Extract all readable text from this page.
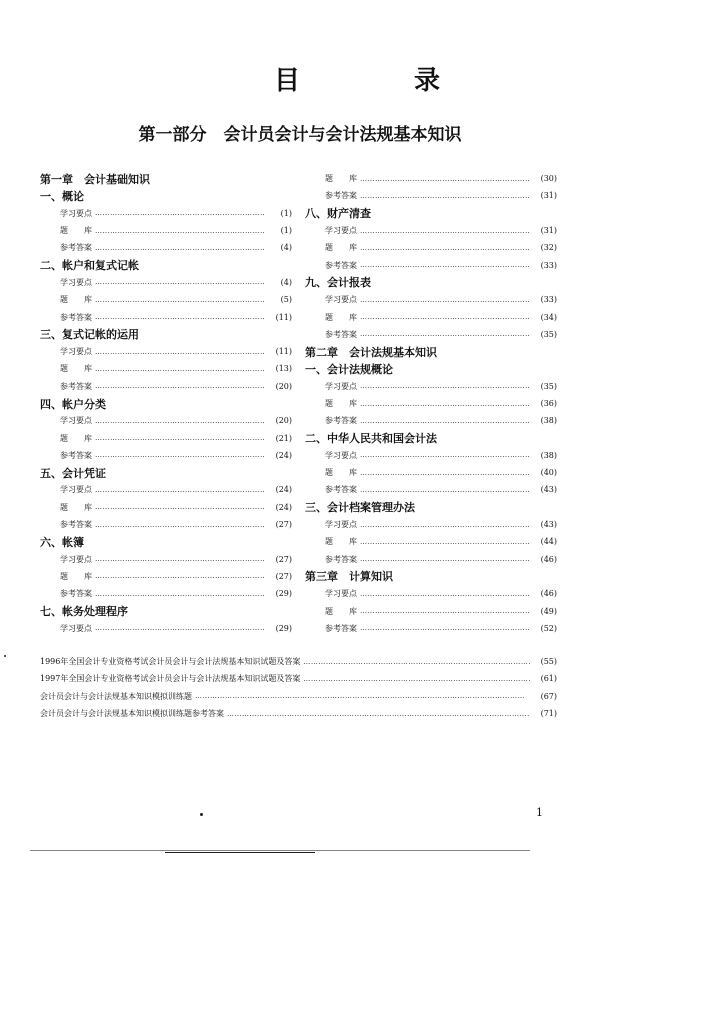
目　录
第一部分　会计员会计与会计法规基本知识
第一章　会计基础知识
一、概论
学习要点 ……………………………………………………………………………………………………………………	(1)
题　　库 ……………………………………………………………………………………………………………………	(1)
参考答案 ……………………………………………………………………………………………………………………	(4)
二、帐户和复式记帐
学习要点 ……………………………………………………………………………………………………………………	(4)
题　　库 ……………………………………………………………………………………………………………………	(5)
参考答案 ……………………………………………………………………………………………………………………	(11)
三、复式记帐的运用
学习要点 ……………………………………………………………………………………………………………………	(11)
题　　库 ……………………………………………………………………………………………………………………	(13)
参考答案 ……………………………………………………………………………………………………………………	(20)
四、帐户分类
学习要点 ……………………………………………………………………………………………………………………	(20)
题　　库 ……………………………………………………………………………………………………………………	(21)
参考答案 ……………………………………………………………………………………………………………………	(24)
五、会计凭证
学习要点 ……………………………………………………………………………………………………………………	(24)
题　　库 ……………………………………………………………………………………………………………………	(24)
参考答案 ……………………………………………………………………………………………………………………	(27)
六、帐簿
学习要点 ……………………………………………………………………………………………………………………	(27)
题　　库 ……………………………………………………………………………………………………………………	(27)
参考答案 ……………………………………………………………………………………………………………………	(29)
七、帐务处理程序
学习要点 ……………………………………………………………………………………………………………………	(29)
题　　库 ……………………………………………………………………………………………………………………	(30)
参考答案 ……………………………………………………………………………………………………………………	(31)
八、财产清查
学习要点 ……………………………………………………………………………………………………………………	(31)
题　　库 ……………………………………………………………………………………………………………………	(32)
参考答案 ……………………………………………………………………………………………………………………	(33)
九、会计报表
学习要点 ……………………………………………………………………………………………………………………	(33)
题　　库 ……………………………………………………………………………………………………………………	(34)
参考答案 ……………………………………………………………………………………………………………………	(35)
第二章　会计法规基本知识
一、会计法规概论
学习要点 ……………………………………………………………………………………………………………………	(35)
题　　库 ……………………………………………………………………………………………………………………	(36)
参考答案 ……………………………………………………………………………………………………………………	(38)
二、中华人民共和国会计法
学习要点 ……………………………………………………………………………………………………………………	(38)
题　　库 ……………………………………………………………………………………………………………………	(40)
参考答案 ……………………………………………………………………………………………………………………	(43)
三、会计档案管理办法
学习要点 ……………………………………………………………………………………………………………………	(43)
题　　库 ……………………………………………………………………………………………………………………	(44)
参考答案 ……………………………………………………………………………………………………………………	(46)
第三章　计算知识
学习要点 ……………………………………………………………………………………………………………………	(46)
题　　库 ……………………………………………………………………………………………………………………	(49)
参考答案 ……………………………………………………………………………………………………………………	(52)
1996年全国会计专业资格考试会计员会计与会计法规基本知识试题及答案 ……………………………………………………………………………………………………………………	(55)
1997年全国会计专业资格考试会计员会计与会计法规基本知识试题及答案 ……………………………………………………………………………………………………………………	(61)
会计员会计与会计法规基本知识模拟训练题 ……………………………………………………………………………………………………………………	(67)
会计员会计与会计法规基本知识模拟训练题参考答案 ……………………………………………………………………………………………………………………	(71)
1
